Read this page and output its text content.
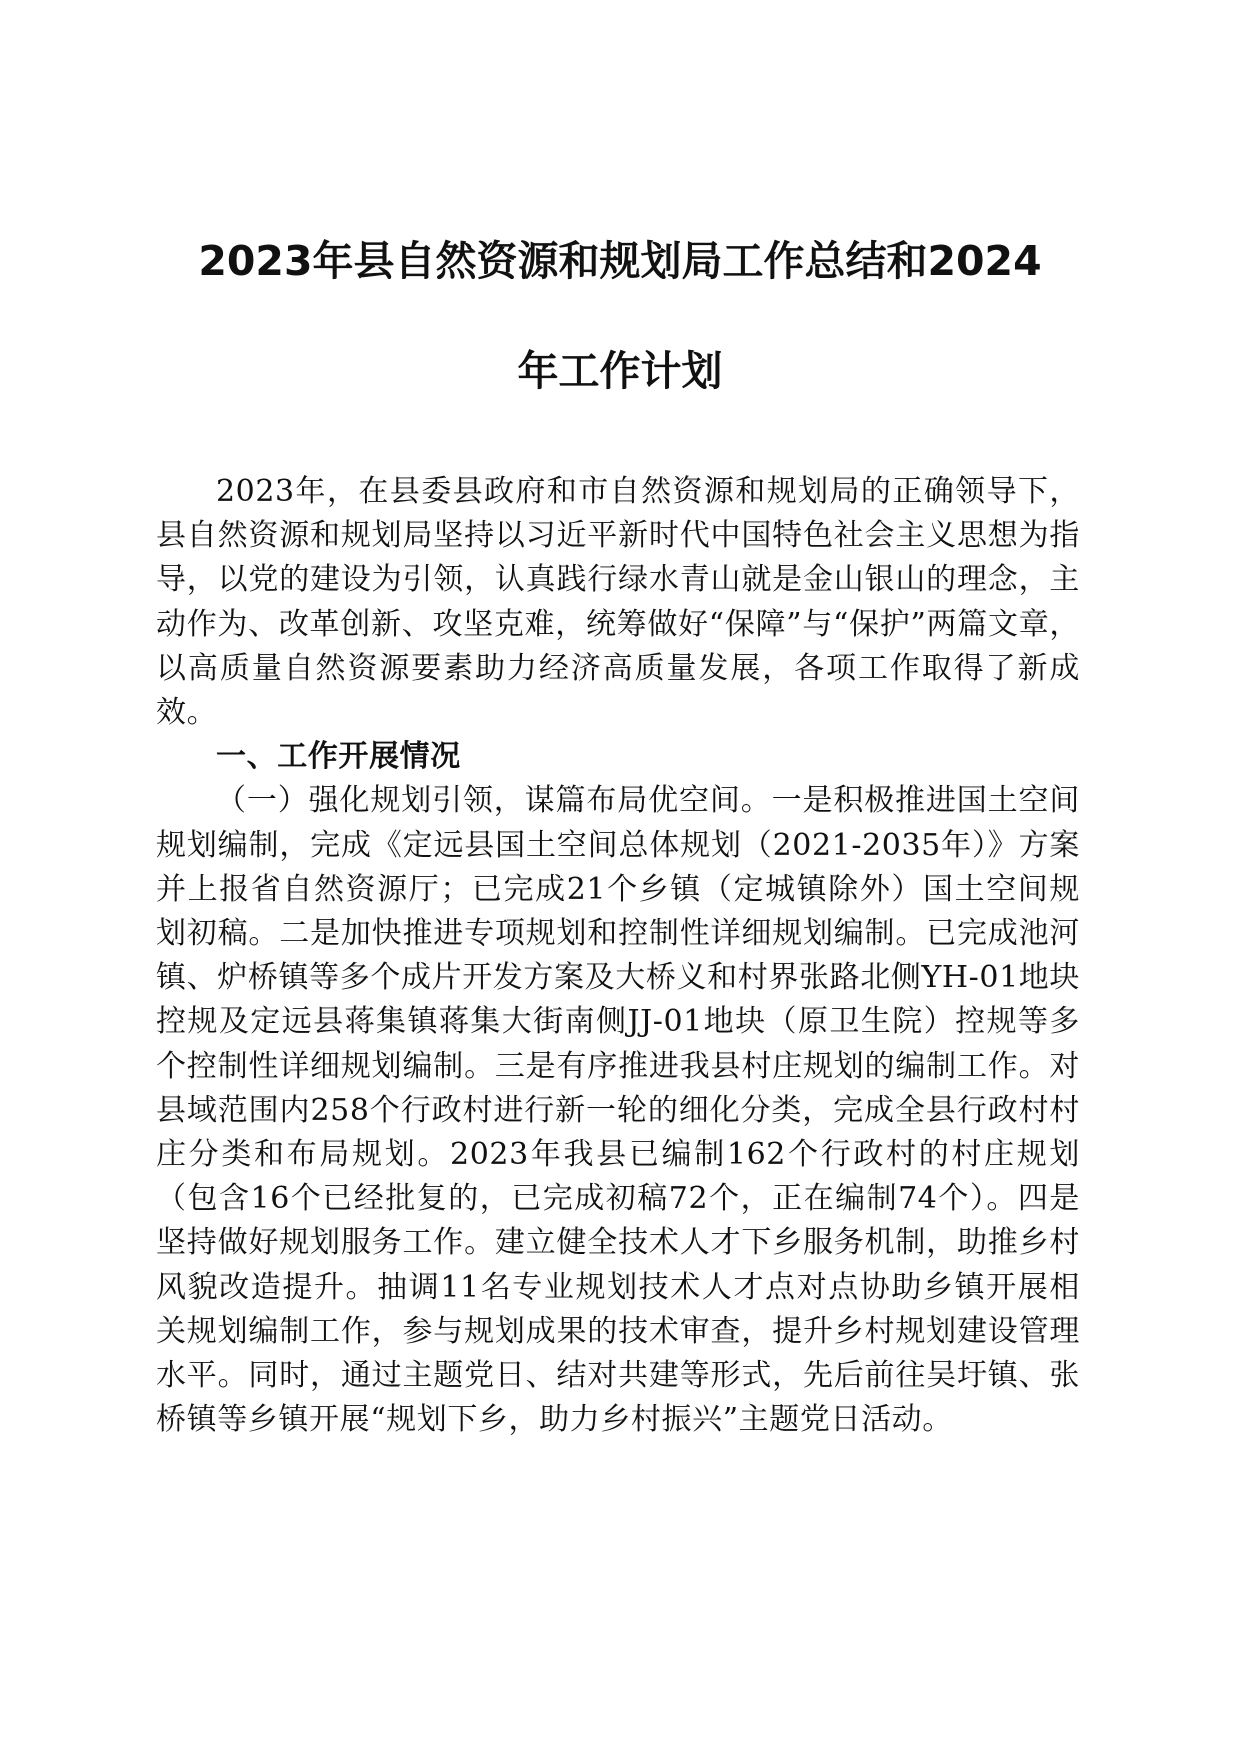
2023年县自然资源和规划局工作总结和2024
年工作计划

2023年，在县委县政府和市自然资源和规划局的正确领导下，县自然资源和规划局坚持以习近平新时代中国特色社会主义思想为指导，以党的建设为引领，认真践行绿水青山就是金山银山的理念，主动作为、改革创新、攻坚克难，统筹做好“保障”与“保护”两篇文章，以高质量自然资源要素助力经济高质量发展，各项工作取得了新成效。

一、工作开展情况

（一）强化规划引领，谋篇布局优空间。一是积极推进国土空间规划编制，完成《定远县国土空间总体规划（2021-2035年）》方案并上报省自然资源厅；已完成21个乡镇（定城镇除外）国土空间规划初稿。二是加快推进专项规划和控制性详细规划编制。已完成池河镇、炉桥镇等多个成片开发方案及大桥义和村界张路北侧YH-01地块控规及定远县蒋集镇蒋集大街南侧JJ-01地块（原卫生院）控规等多个控制性详细规划编制。三是有序推进我县村庄规划的编制工作。对县域范围内258个行政村进行新一轮的细化分类，完成全县行政村村庄分类和布局规划。2023年我县已编制162个行政村的村庄规划（包含16个已经批复的，已完成初稿72个，正在编制74个）。四是坚持做好规划服务工作。建立健全技术人才下乡服务机制，助推乡村风貌改造提升。抽调11名专业规划技术人才点对点协助乡镇开展相关规划编制工作，参与规划成果的技术审查，提升乡村规划建设管理水平。同时，通过主题党日、结对共建等形式，先后前往吴圩镇、张桥镇等乡镇开展“规划下乡，助力乡村振兴”主题党日活动。
